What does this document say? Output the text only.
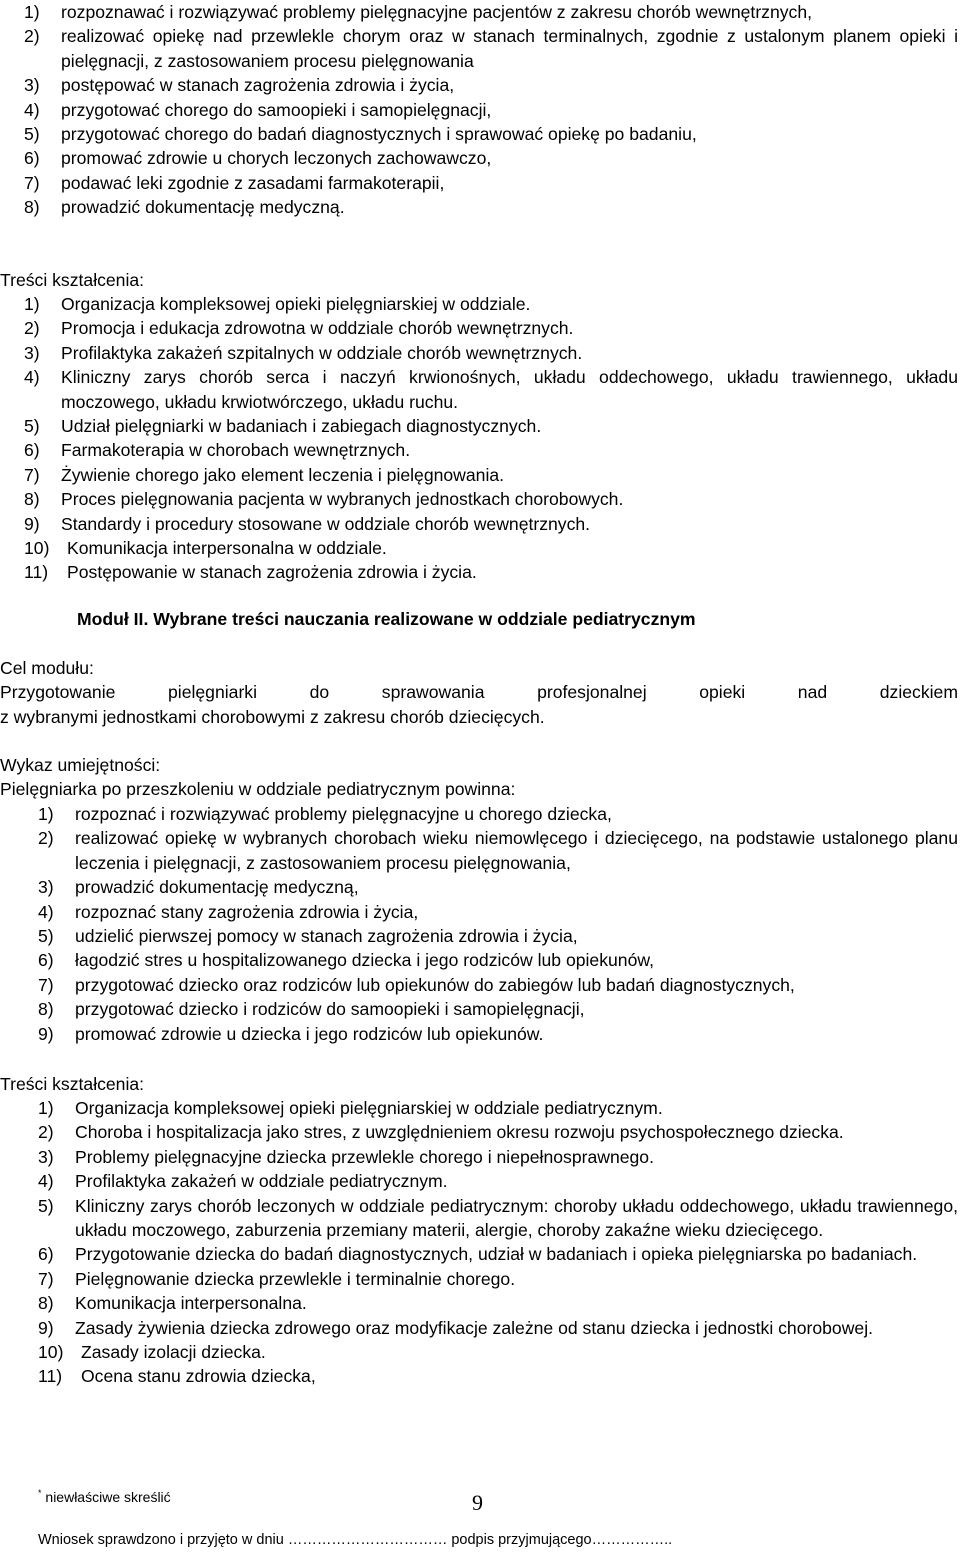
1)	rozpoznawać i rozwiązywać problemy pielęgnacyjne pacjentów z zakresu chorób wewnętrznych,
2)	realizować opiekę nad przewlekle chorym oraz w stanach terminalnych, zgodnie z ustalonym planem opieki i pielęgnacji, z zastosowaniem procesu pielęgnowania
3)	postępować w stanach zagrożenia zdrowia i życia,
4)	przygotować chorego do samoopieki i samopielęgnacji,
5)	przygotować chorego do badań diagnostycznych i sprawować opiekę po badaniu,
6)	promować zdrowie u chorych leczonych zachowawczo,
7)	podawać leki zgodnie z zasadami farmakoterapii,
8)	prowadzić dokumentację medyczną.
Treści kształcenia:
1)	Organizacja kompleksowej opieki pielęgniarskiej w oddziale.
2)	Promocja i edukacja zdrowotna w oddziale chorób wewnętrznych.
3)	Profilaktyka zakażeń szpitalnych w oddziale chorób wewnętrznych.
4)	Kliniczny zarys chorób serca i naczyń krwionośnych, układu oddechowego, układu trawiennego, układu moczowego, układu krwiotwórczego, układu ruchu.
5)	Udział pielęgniarki w badaniach i zabiegach diagnostycznych.
6)	Farmakoterapia w chorobach wewnętrznych.
7)	Żywienie chorego jako element leczenia i pielęgnowania.
8)	Proces pielęgnowania pacjenta w wybranych jednostkach chorobowych.
9)	Standardy i procedury stosowane w oddziale chorób wewnętrznych.
10) Komunikacja interpersonalna w oddziale.
11)	Postępowanie w stanach zagrożenia zdrowia i życia.
Moduł II. Wybrane treści nauczania realizowane w oddziale pediatrycznym
Cel modułu:
Przygotowanie pielęgniarki do sprawowania profesjonalnej opieki nad dzieckiem
z wybranymi jednostkami chorobowymi z zakresu chorób dziecięcych.
Wykaz umiejętności:
Pielęgniarka po przeszkoleniu w oddziale pediatrycznym powinna:
1)	rozpoznać i rozwiązywać problemy pielęgnacyjne u chorego dziecka,
2)	realizować opiekę w wybranych chorobach wieku niemowlęcego i dziecięcego, na podstawie ustalonego planu leczenia i pielęgnacji, z zastosowaniem procesu pielęgnowania,
3)	prowadzić dokumentację medyczną,
4)	rozpoznać stany zagrożenia zdrowia i życia,
5)	udzielić pierwszej pomocy w stanach zagrożenia zdrowia i życia,
6)	łagodzić stres u hospitalizowanego dziecka i jego rodziców lub opiekunów,
7)	przygotować dziecko oraz rodziców lub opiekunów do zabiegów lub badań diagnostycznych,
8)	przygotować dziecko i rodziców do samoopieki i samopielęgnacji,
9)	promować zdrowie u dziecka i jego rodziców lub opiekunów.
Treści kształcenia:
1)	Organizacja kompleksowej opieki pielęgniarskiej w oddziale pediatrycznym.
2)	Choroba i hospitalizacja jako stres, z uwzględnieniem okresu rozwoju psychospołecznego dziecka.
3)	Problemy pielęgnacyjne dziecka przewlekle chorego i niepełnosprawnego.
4)	Profilaktyka zakażeń w oddziale pediatrycznym.
5)	Kliniczny zarys chorób leczonych w oddziale pediatrycznym: choroby układu oddechowego, układu trawiennego, układu moczowego, zaburzenia przemiany materii, alergie, choroby zakaźne wieku dziecięcego.
6)	Przygotowanie dziecka do badań diagnostycznych, udział w badaniach i opieka pielęgniarska po badaniach.
7)	Pielęgnowanie dziecka przewlekle i terminalnie chorego.
8)	Komunikacja interpersonalna.
9)	Zasady żywienia dziecka zdrowego oraz modyfikacje zależne od stanu dziecka i jednostki chorobowej.
10) Zasady izolacji dziecka.
11)	Ocena stanu zdrowia dziecka,
* niewłaściwe skreślić	9
Wniosek sprawdzono i przyjęto w dniu …………………………… podpis przyjmującego……………..
